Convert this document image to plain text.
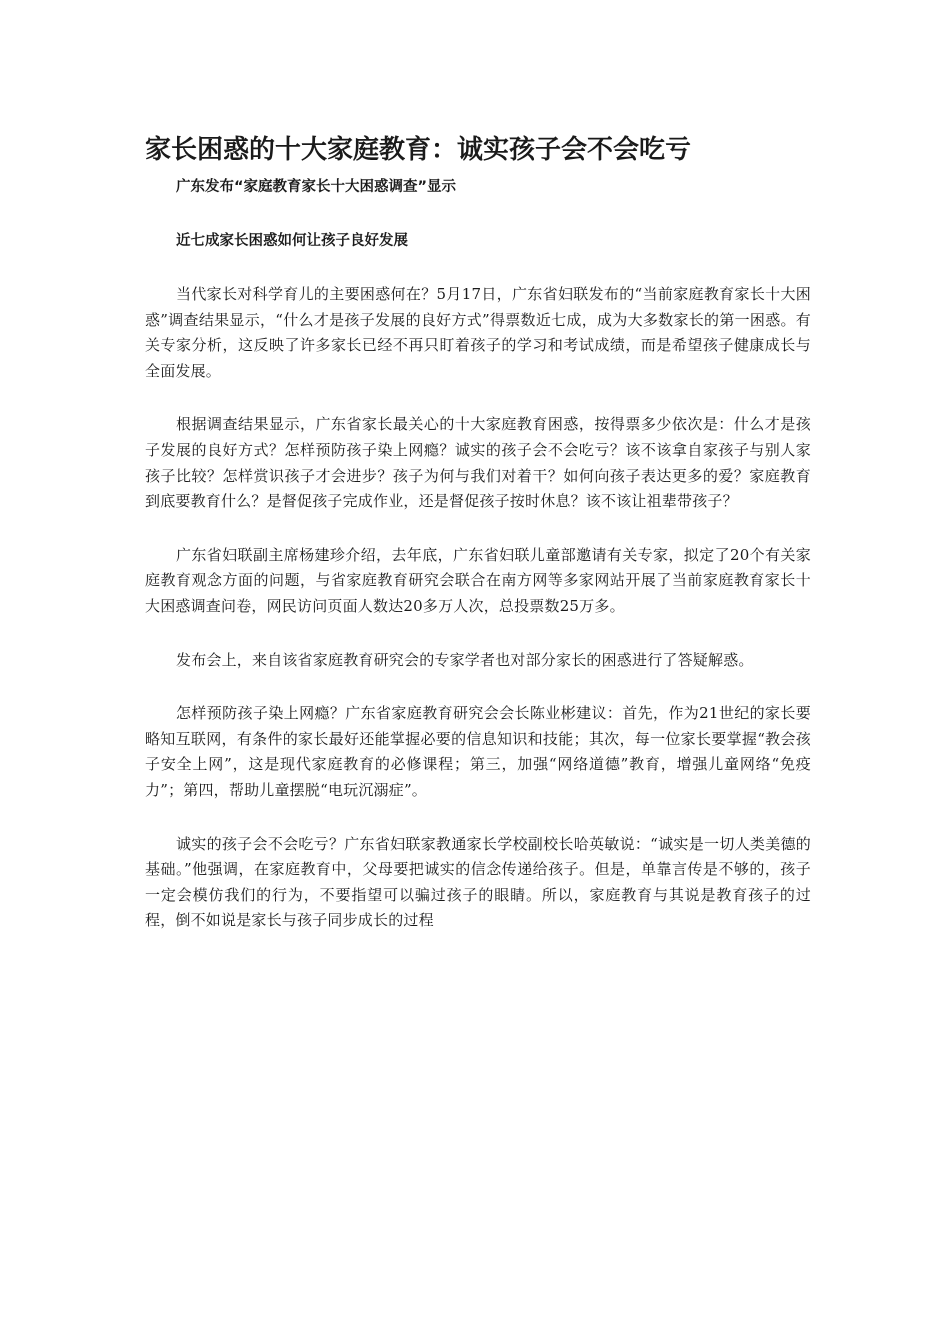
家长困惑的十大家庭教育：诚实孩子会不会吃亏

广东发布“家庭教育家长十大困惑调查”显示

近七成家长困惑如何让孩子良好发展

当代家长对科学育儿的主要困惑何在？5月17日，广东省妇联发布的“当前家庭教育家长十大困惑”调查结果显示，“什么才是孩子发展的良好方式”得票数近七成，成为大多数家长的第一困惑。有关专家分析，这反映了许多家长已经不再只盯着孩子的学习和考试成绩，而是希望孩子健康成长与全面发展。

根据调查结果显示，广东省家长最关心的十大家庭教育困惑，按得票多少依次是：什么才是孩子发展的良好方式？怎样预防孩子染上网瘾？诚实的孩子会不会吃亏？该不该拿自家孩子与别人家孩子比较？怎样赏识孩子才会进步？孩子为何与我们对着干？如何向孩子表达更多的爱？家庭教育到底要教育什么？是督促孩子完成作业，还是督促孩子按时休息？该不该让祖辈带孩子？

广东省妇联副主席杨建珍介绍，去年底，广东省妇联儿童部邀请有关专家，拟定了20个有关家庭教育观念方面的问题，与省家庭教育研究会联合在南方网等多家网站开展了当前家庭教育家长十大困惑调查问卷，网民访问页面人数达20多万人次，总投票数25万多。

发布会上，来自该省家庭教育研究会的专家学者也对部分家长的困惑进行了答疑解惑。

怎样预防孩子染上网瘾？广东省家庭教育研究会会长陈业彬建议：首先，作为21世纪的家长要略知互联网，有条件的家长最好还能掌握必要的信息知识和技能；其次，每一位家长要掌握“教会孩子安全上网”，这是现代家庭教育的必修课程；第三，加强“网络道德”教育，增强儿童网络“免疫力”；第四，帮助儿童摆脱“电玩沉溺症”。

诚实的孩子会不会吃亏？广东省妇联家教通家长学校副校长哈英敏说：“诚实是一切人类美德的基础。”他强调，在家庭教育中，父母要把诚实的信念传递给孩子。但是，单靠言传是不够的，孩子一定会模仿我们的行为，不要指望可以骗过孩子的眼睛。所以，家庭教育与其说是教育孩子的过程，倒不如说是家长与孩子同步成长的过程
